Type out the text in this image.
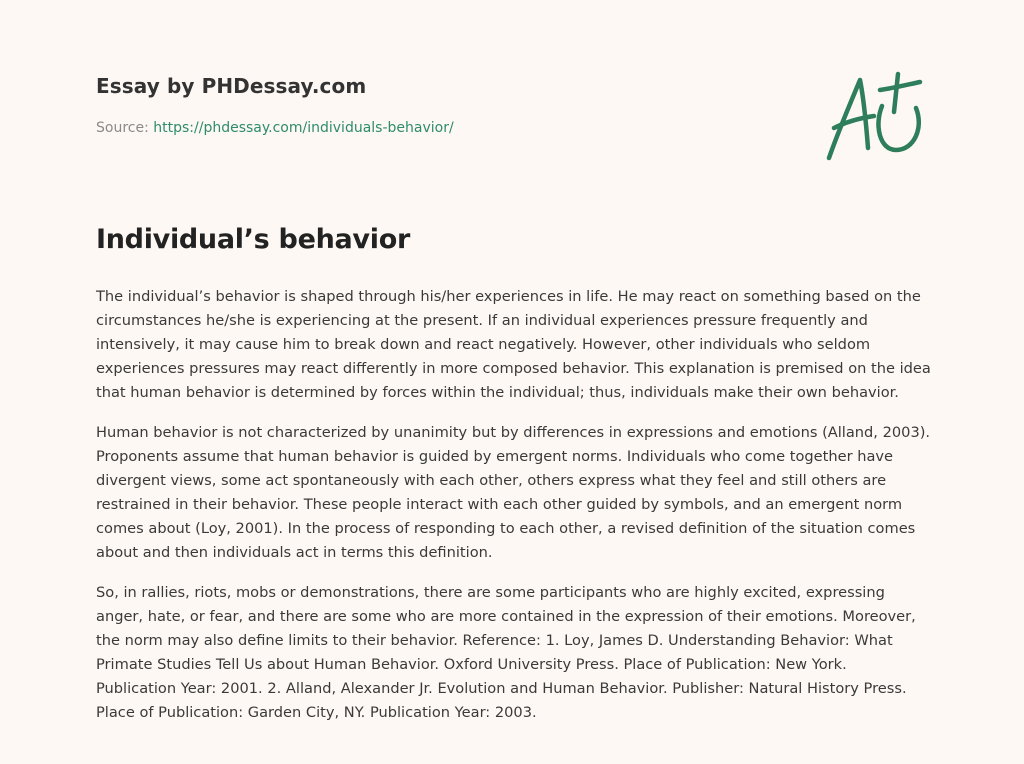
Essay by PHDessay.com
Source: https://phdessay.com/individuals-behavior/
Individual’s behavior

The individual’s behavior is shaped through his/her experiences in life. He may react on something based on the circumstances he/she is experiencing at the present. If an individual experiences pressure frequently and intensively, it may cause him to break down and react negatively. However, other individuals who seldom experiences pressures may react differently in more composed behavior. This explanation is premised on the idea that human behavior is determined by forces within the individual; thus, individuals make their own behavior.

Human behavior is not characterized by unanimity but by differences in expressions and emotions (Alland, 2003). Proponents assume that human behavior is guided by emergent norms. Individuals who come together have divergent views, some act spontaneously with each other, others express what they feel and still others are restrained in their behavior. These people interact with each other guided by symbols, and an emergent norm comes about (Loy, 2001). In the process of responding to each other, a revised definition of the situation comes about and then individuals act in terms this definition.

So, in rallies, riots, mobs or demonstrations, there are some participants who are highly excited, expressing anger, hate, or fear, and there are some who are more contained in the expression of their emotions. Moreover, the norm may also define limits to their behavior. Reference: 1. Loy, James D. Understanding Behavior: What Primate Studies Tell Us about Human Behavior. Oxford University Press. Place of Publication: New York. Publication Year: 2001. 2. Alland, Alexander Jr. Evolution and Human Behavior. Publisher: Natural History Press. Place of Publication: Garden City, NY. Publication Year: 2003.
